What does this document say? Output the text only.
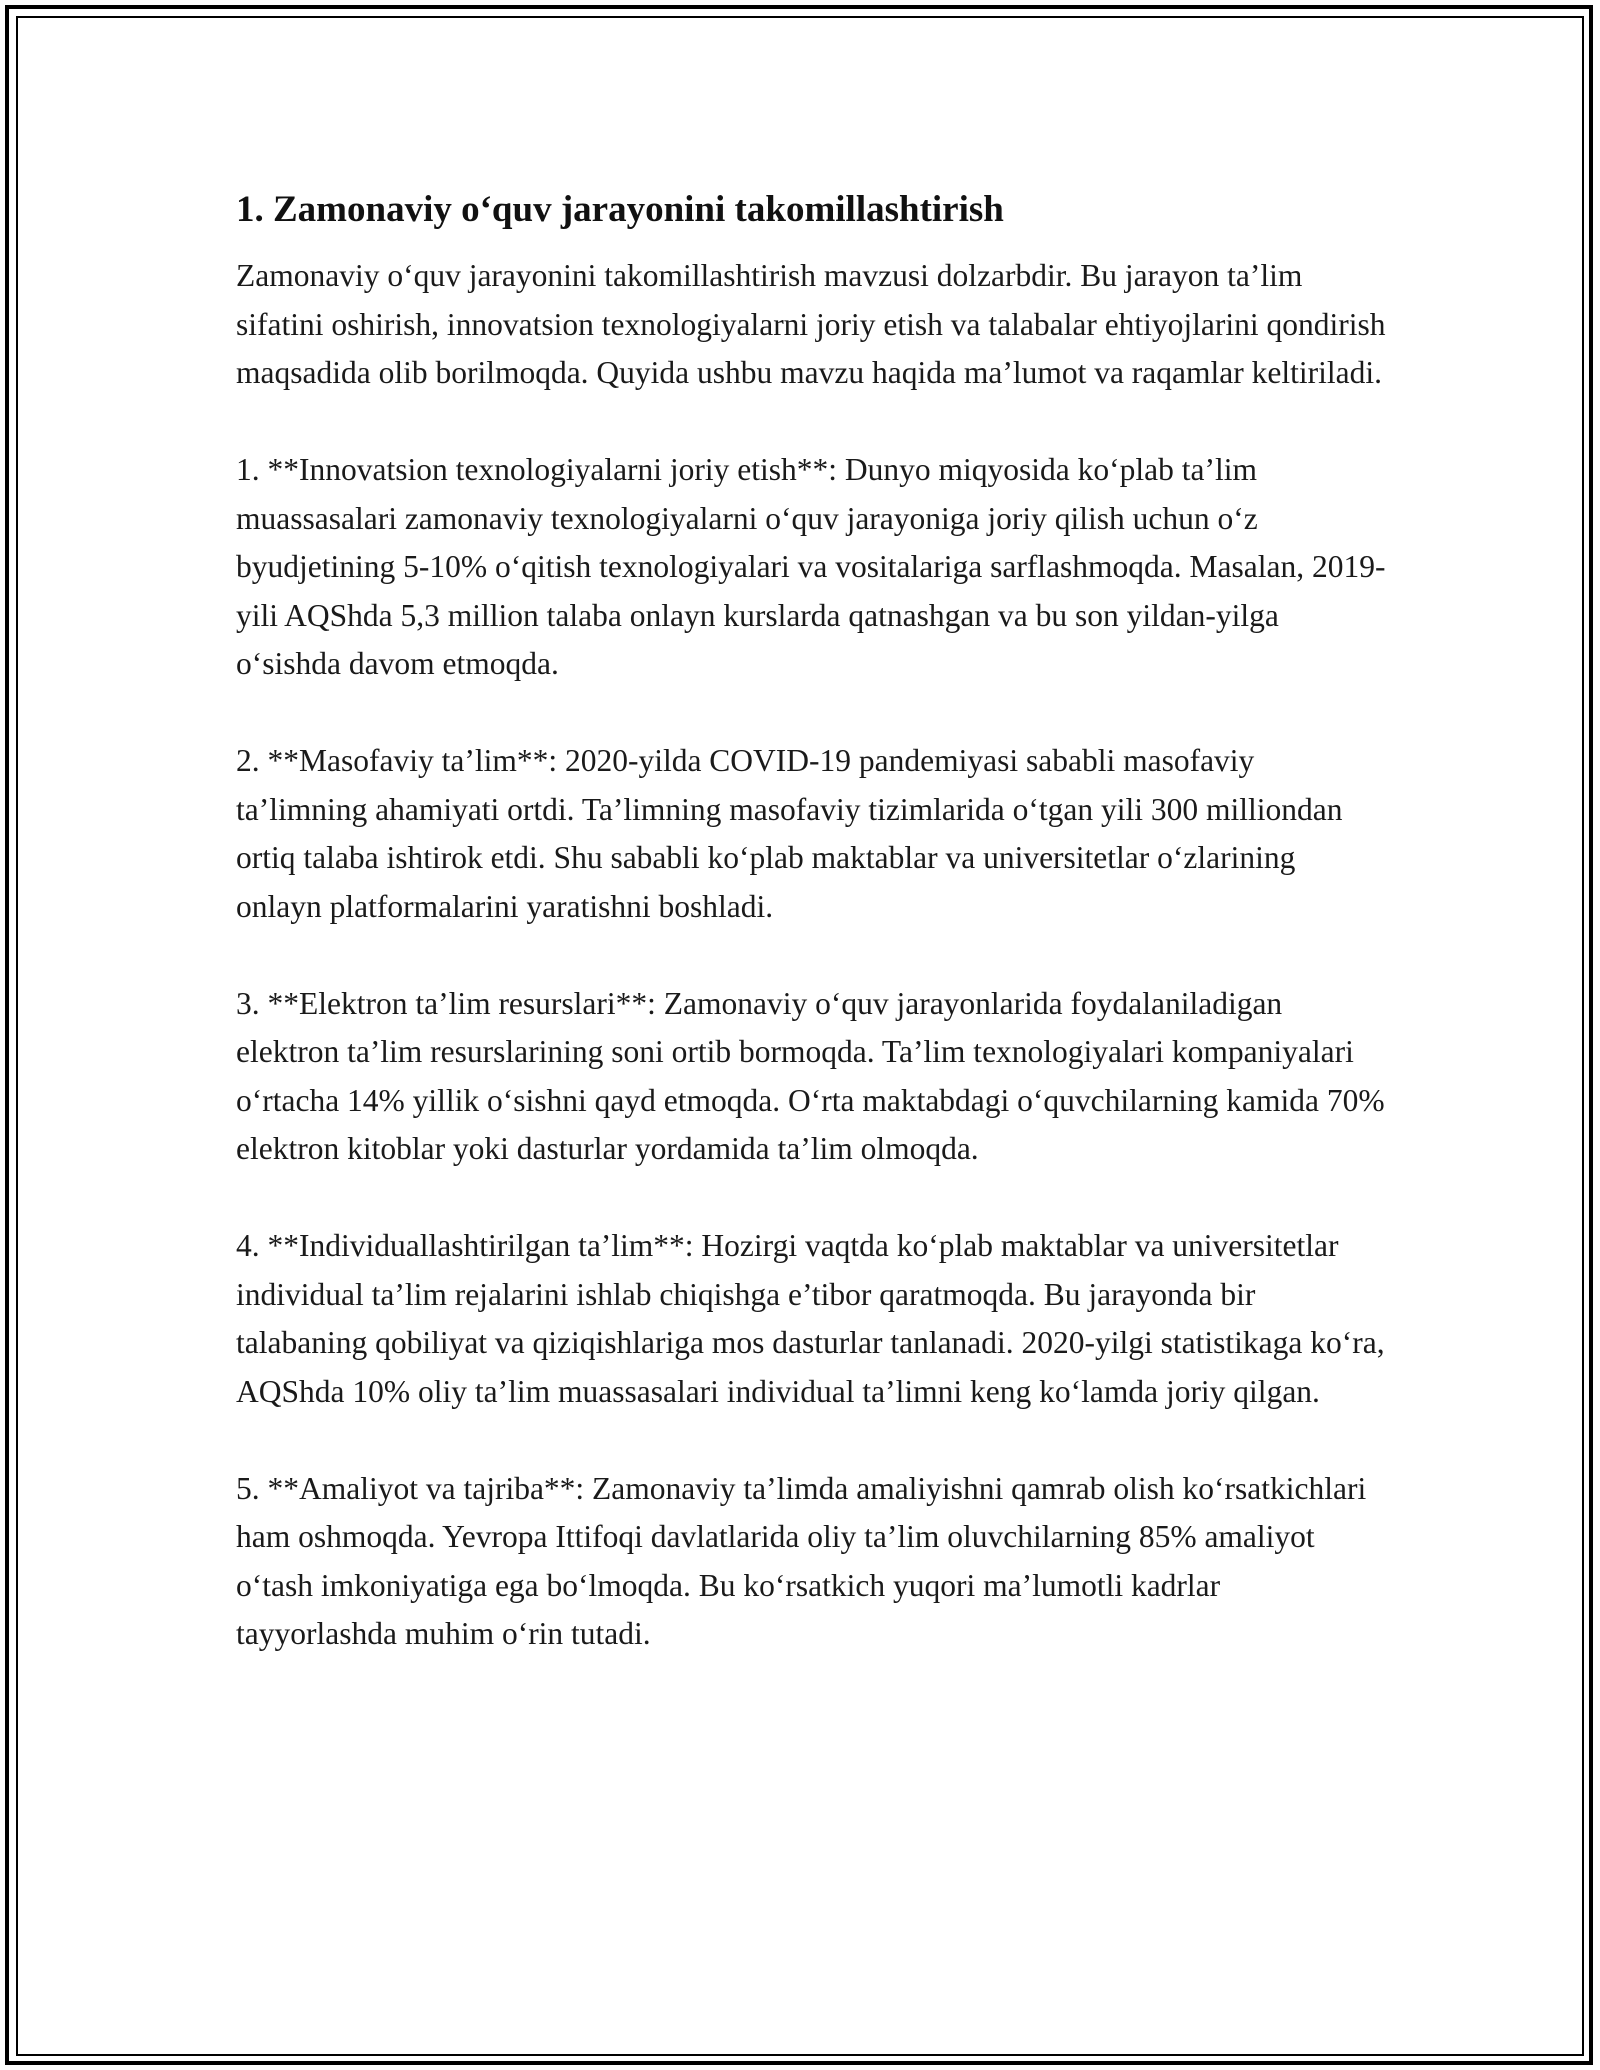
1. Zamonaviy o‘quv jarayonini takomillashtirish

Zamonaviy o‘quv jarayonini takomillashtirish mavzusi dolzarbdir. Bu jarayon ta’lim sifatini oshirish, innovatsion texnologiyalarni joriy etish va talabalar ehtiyojlarini qondirish maqsadida olib borilmoqda. Quyida ushbu mavzu haqida ma’lumot va raqamlar keltiriladi.

1. **Innovatsion texnologiyalarni joriy etish**: Dunyo miqyosida ko‘plab ta’lim muassasalari zamonaviy texnologiyalarni o‘quv jarayoniga joriy qilish uchun o‘z byudjetining 5-10% o‘qitish texnologiyalari va vositalariga sarflashmoqda. Masalan, 2019-yili AQShda 5,3 million talaba onlayn kurslarda qatnashgan va bu son yildan-yilga o‘sishda davom etmoqda.

2. **Masofaviy ta’lim**: 2020-yilda COVID-19 pandemiyasi sababli masofaviy ta’limning ahamiyati ortdi. Ta’limning masofaviy tizimlarida o‘tgan yili 300 milliondan ortiq talaba ishtirok etdi. Shu sababli ko‘plab maktablar va universitetlar o‘zlarining onlayn platformalarini yaratishni boshladi.

3. **Elektron ta’lim resurslari**: Zamonaviy o‘quv jarayonlarida foydalaniladigan elektron ta’lim resurslarining soni ortib bormoqda. Ta’lim texnologiyalari kompaniyalari o‘rtacha 14% yillik o‘sishni qayd etmoqda. O‘rta maktabdagi o‘quvchilarning kamida 70% elektron kitoblar yoki dasturlar yordamida ta’lim olmoqda.

4. **Individuallashtirilgan ta’lim**: Hozirgi vaqtda ko‘plab maktablar va universitetlar individual ta’lim rejalarini ishlab chiqishga e’tibor qaratmoqda. Bu jarayonda bir talabaning qobiliyat va qiziqishlariga mos dasturlar tanlanadi. 2020-yilgi statistikaga ko‘ra, AQShda 10% oliy ta’lim muassasalari individual ta’limni keng ko‘lamda joriy qilgan.

5. **Amaliyot va tajriba**: Zamonaviy ta’limda amaliyishni qamrab olish ko‘rsatkichlari ham oshmoqda. Yevropa Ittifoqi davlatlarida oliy ta’lim oluvchilarning 85% amaliyot o‘tash imkoniyatiga ega bo‘lmoqda. Bu ko‘rsatkich yuqori ma’lumotli kadrlar tayyorlashda muhim o‘rin tutadi.
